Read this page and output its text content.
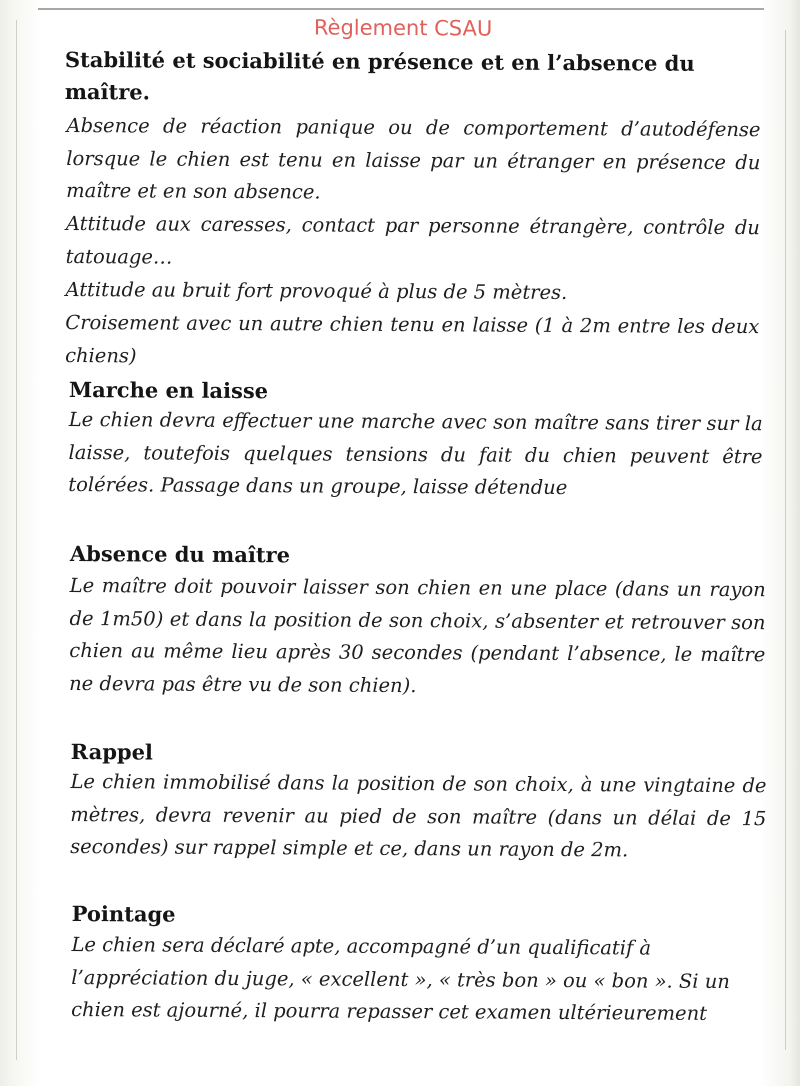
Règlement CSAU
Stabilité et sociabilité en présence et en l’absence du maître.
Absence de réaction panique ou de comportement d’autodéfense lorsque le chien est tenu en laisse par un étranger en présence du maître et en son absence.
Attitude aux caresses, contact par personne étrangère, contrôle du tatouage…
Attitude au bruit fort provoqué à plus de 5 mètres.
Croisement avec un autre chien tenu en laisse (1 à 2m entre les deux chiens)
Marche en laisse
Le chien devra effectuer une marche avec son maître sans tirer sur la laisse, toutefois quelques tensions du fait du chien peuvent être tolérées. Passage dans un groupe, laisse détendue
Absence du maître
Le maître doit pouvoir laisser son chien en une place (dans un rayon de 1m50) et dans la position de son choix, s’absenter et retrouver son chien au même lieu après 30 secondes (pendant l’absence, le maître ne devra pas être vu de son chien).
Rappel
Le chien immobilisé dans la position de son choix, à une vingtaine de mètres, devra revenir au pied de son maître (dans un délai de 15 secondes) sur rappel simple et ce, dans un rayon de 2m.
Pointage
Le chien sera déclaré apte, accompagné d’un qualificatif à l’appréciation du juge, « excellent », « très bon » ou « bon ». Si un chien est ajourné, il pourra repasser cet examen ultérieurement
